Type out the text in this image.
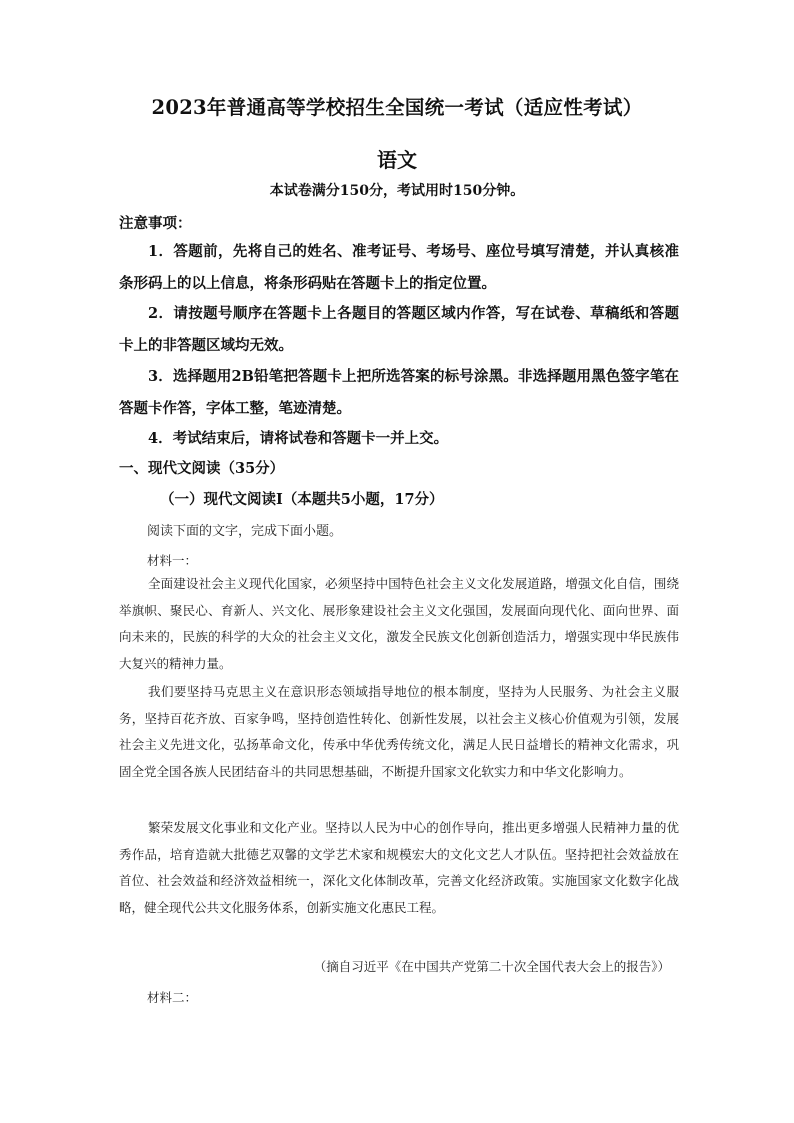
2023年普通高等学校招生全国统一考试（适应性考试）
语文
本试卷满分150分，考试用时150分钟。
注意事项：

1．答题前，先将自己的姓名、准考证号、考场号、座位号填写清楚，并认真核准条形码上的以上信息，将条形码贴在答题卡上的指定位置。

2．请按题号顺序在答题卡上各题目的答题区域内作答，写在试卷、草稿纸和答题卡上的非答题区域均无效。

3．选择题用2B铅笔把答题卡上把所选答案的标号涂黑。非选择题用黑色签字笔在答题卡作答，字体工整，笔迹清楚。

4．考试结束后，请将试卷和答题卡一并上交。

一、现代文阅读（35分）
（一）现代文阅读Ⅰ（本题共5小题，17分）
阅读下面的文字，完成下面小题。
材料一：

全面建设社会主义现代化国家，必须坚持中国特色社会主义文化发展道路，增强文化自信，围绕举旗帜、聚民心、育新人、兴文化、展形象建设社会主义文化强国，发展面向现代化、面向世界、面向未来的，民族的科学的大众的社会主义文化，激发全民族文化创新创造活力，增强实现中华民族伟大复兴的精神力量。

我们要坚持马克思主义在意识形态领域指导地位的根本制度，坚持为人民服务、为社会主义服务，坚持百花齐放、百家争鸣，坚持创造性转化、创新性发展，以社会主义核心价值观为引领，发展社会主义先进文化，弘扬革命文化，传承中华优秀传统文化，满足人民日益增长的精神文化需求，巩固全党全国各族人民团结奋斗的共同思想基础，不断提升国家文化软实力和中华文化影响力。

繁荣发展文化事业和文化产业。坚持以人民为中心的创作导向，推出更多增强人民精神力量的优秀作品，培育造就大批德艺双馨的文学艺术家和规模宏大的文化文艺人才队伍。坚持把社会效益放在首位、社会效益和经济效益相统一，深化文化体制改革，完善文化经济政策。实施国家文化数字化战略，健全现代公共文化服务体系，创新实施文化惠民工程。

（摘自习近平《在中国共产党第二十次全国代表大会上的报告》）
材料二：
